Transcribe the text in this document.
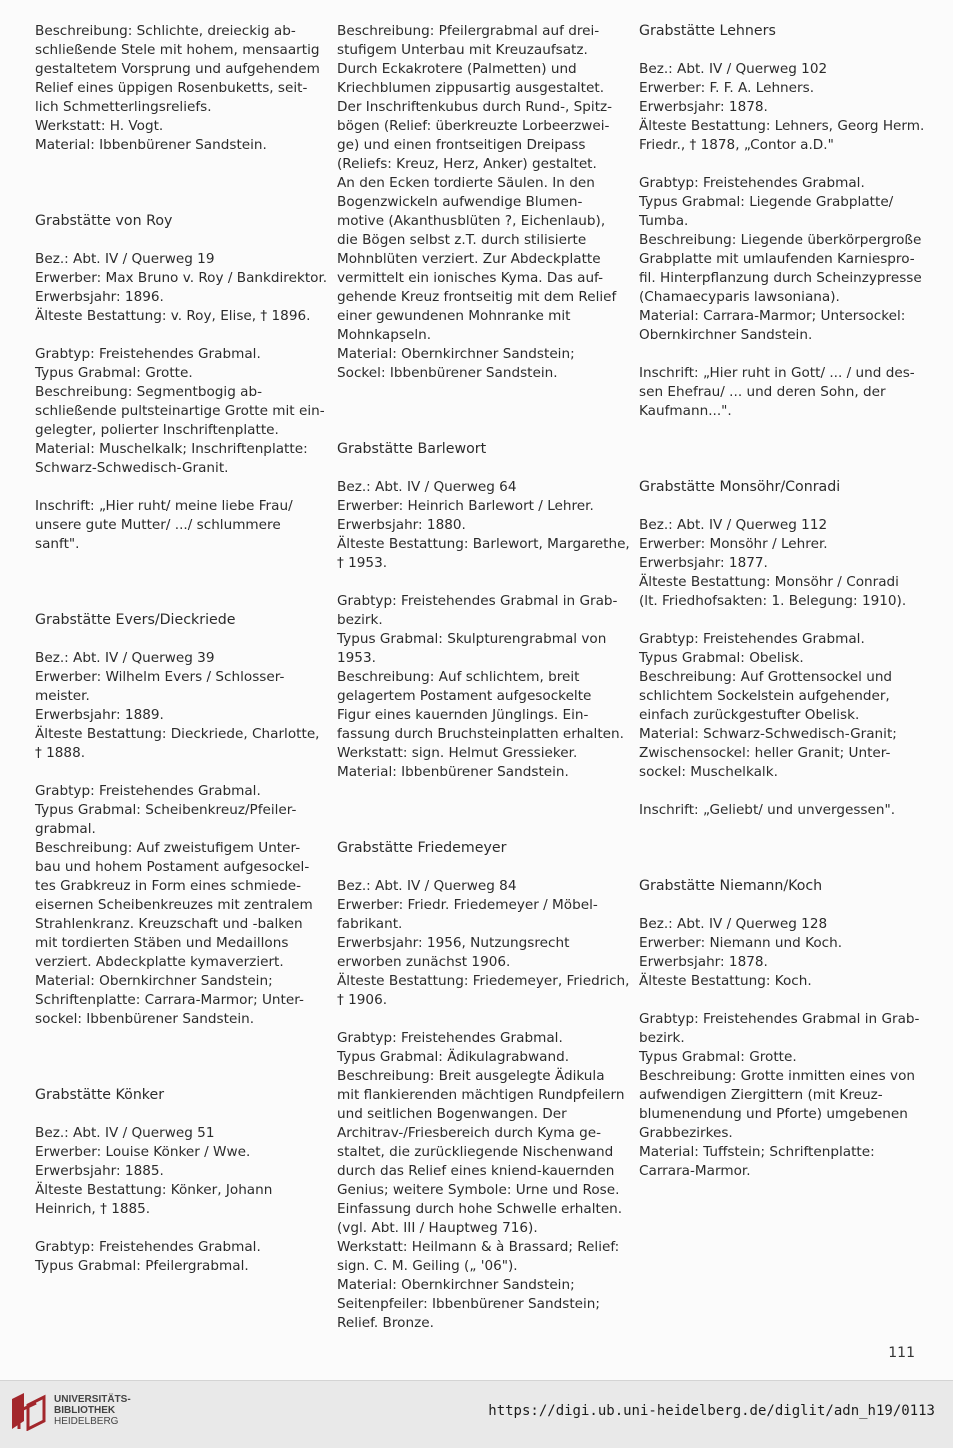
Beschreibung: Schlichte, dreieckig ab-
schließende Stele mit hohem, mensaartig
gestaltetem Vorsprung und aufgehendem
Relief eines üppigen Rosenbuketts, seit-
lich Schmetterlingsreliefs.
Werkstatt: H. Vogt.
Material: Ibbenbürener Sandstein.
Grabstätte von Roy
Bez.: Abt. IV / Querweg 19
Erwerber: Max Bruno v. Roy / Bankdirektor.
Erwerbsjahr: 1896.
Älteste Bestattung: v. Roy, Elise, † 1896.
Grabtyp: Freistehendes Grabmal.
Typus Grabmal: Grotte.
Beschreibung: Segmentbogig ab-
schließende pultsteinartige Grotte mit ein-
gelegter, polierter Inschriftenplatte.
Material: Muschelkalk; Inschriftenplatte:
Schwarz-Schwedisch-Granit.
Inschrift: „Hier ruht/ meine liebe Frau/
unsere gute Mutter/ .../ schlummere
sanft".
Grabstätte Evers/Dieckriede
Bez.: Abt. IV / Querweg 39
Erwerber: Wilhelm Evers / Schlosser-
meister.
Erwerbsjahr: 1889.
Älteste Bestattung: Dieckriede, Charlotte,
† 1888.
Grabtyp: Freistehendes Grabmal.
Typus Grabmal: Scheibenkreuz/Pfeiler-
grabmal.
Beschreibung: Auf zweistufigem Unter-
bau und hohem Postament aufgesockel-
tes Grabkreuz in Form eines schmiede-
eisernen Scheibenkreuzes mit zentralem
Strahlenkranz. Kreuzschaft und -balken
mit tordierten Stäben und Medaillons
verziert. Abdeckplatte kymaverziert.
Material: Obernkirchner Sandstein;
Schriftenplatte: Carrara-Marmor; Unter-
sockel: Ibbenbürener Sandstein.
Grabstätte Könker
Bez.: Abt. IV / Querweg 51
Erwerber: Louise Könker / Wwe.
Erwerbsjahr: 1885.
Älteste Bestattung: Könker, Johann
Heinrich, † 1885.
Grabtyp: Freistehendes Grabmal.
Typus Grabmal: Pfeilergrabmal.
Beschreibung: Pfeilergrabmal auf drei-
stufigem Unterbau mit Kreuzaufsatz.
Durch Eckakrotere (Palmetten) und
Kriechblumen zippusartig ausgestaltet.
Der Inschriftenkubus durch Rund-, Spitz-
bögen (Relief: überkreuzte Lorbeerzwei-
ge) und einen frontseitigen Dreipass
(Reliefs: Kreuz, Herz, Anker) gestaltet.
An den Ecken tordierte Säulen. In den
Bogenzwickeln aufwendige Blumen-
motive (Akanthusblüten ?, Eichenlaub),
die Bögen selbst z.T. durch stilisierte
Mohnblüten verziert. Zur Abdeckplatte
vermittelt ein ionisches Kyma. Das auf-
gehende Kreuz frontseitig mit dem Relief
einer gewundenen Mohnranke mit
Mohnkapseln.
Material: Obernkirchner Sandstein;
Sockel: Ibbenbürener Sandstein.
Grabstätte Barlewort
Bez.: Abt. IV / Querweg 64
Erwerber: Heinrich Barlewort / Lehrer.
Erwerbsjahr: 1880.
Älteste Bestattung: Barlewort, Margarethe,
† 1953.
Grabtyp: Freistehendes Grabmal in Grab-
bezirk.
Typus Grabmal: Skulpturengrabmal von
1953.
Beschreibung: Auf schlichtem, breit
gelagertem Postament aufgesockelte
Figur eines kauernden Jünglings. Ein-
fassung durch Bruchsteinplatten erhalten.
Werkstatt: sign. Helmut Gressieker.
Material: Ibbenbürener Sandstein.
Grabstätte Friedemeyer
Bez.: Abt. IV / Querweg 84
Erwerber: Friedr. Friedemeyer / Möbel-
fabrikant.
Erwerbsjahr: 1956, Nutzungsrecht
erworben zunächst 1906.
Älteste Bestattung: Friedemeyer, Friedrich,
† 1906.
Grabtyp: Freistehendes Grabmal.
Typus Grabmal: Ädikulagrabwand.
Beschreibung: Breit ausgelegte Ädikula
mit flankierenden mächtigen Rundpfeilern
und seitlichen Bogenwangen. Der
Architrav-/Friesbereich durch Kyma ge-
staltet, die zurückliegende Nischenwand
durch das Relief eines kniend-kauernden
Genius; weitere Symbole: Urne und Rose.
Einfassung durch hohe Schwelle erhalten.
(vgl. Abt. III / Hauptweg 716).
Werkstatt: Heilmann & à Brassard; Relief:
sign. C. M. Geiling („ '06").
Material: Obernkirchner Sandstein;
Seitenpfeiler: Ibbenbürener Sandstein;
Relief. Bronze.
Grabstätte Lehners
Bez.: Abt. IV / Querweg 102
Erwerber: F. F. A. Lehners.
Erwerbsjahr: 1878.
Älteste Bestattung: Lehners, Georg Herm.
Friedr., † 1878, „Contor a.D."
Grabtyp: Freistehendes Grabmal.
Typus Grabmal: Liegende Grabplatte/
Tumba.
Beschreibung: Liegende überkörpergroße
Grabplatte mit umlaufenden Karniespro-
fil. Hinterpflanzung durch Scheinzypresse
(Chamaecyparis lawsoniana).
Material: Carrara-Marmor; Untersockel:
Obernkirchner Sandstein.
Inschrift: „Hier ruht in Gott/ ... / und des-
sen Ehefrau/ ... und deren Sohn, der
Kaufmann...".
Grabstätte Monsöhr/Conradi
Bez.: Abt. IV / Querweg 112
Erwerber: Monsöhr / Lehrer.
Erwerbsjahr: 1877.
Älteste Bestattung: Monsöhr / Conradi
(lt. Friedhofsakten: 1. Belegung: 1910).
Grabtyp: Freistehendes Grabmal.
Typus Grabmal: Obelisk.
Beschreibung: Auf Grottensockel und
schlichtem Sockelstein aufgehender,
einfach zurückgestufter Obelisk.
Material: Schwarz-Schwedisch-Granit;
Zwischensockel: heller Granit; Unter-
sockel: Muschelkalk.
Inschrift: „Geliebt/ und unvergessen".
Grabstätte Niemann/Koch
Bez.: Abt. IV / Querweg 128
Erwerber: Niemann und Koch.
Erwerbsjahr: 1878.
Älteste Bestattung: Koch.
Grabtyp: Freistehendes Grabmal in Grab-
bezirk.
Typus Grabmal: Grotte.
Beschreibung: Grotte inmitten eines von
aufwendigen Ziergittern (mit Kreuz-
blumenendung und Pforte) umgebenen
Grabbezirkes.
Material: Tuffstein; Schriftenplatte:
Carrara-Marmor.
111
UNIVERSITÄTS-
BIBLIOTHEK
HEIDELBERG
https://digi.ub.uni-heidelberg.de/diglit/adn_h19/0113
